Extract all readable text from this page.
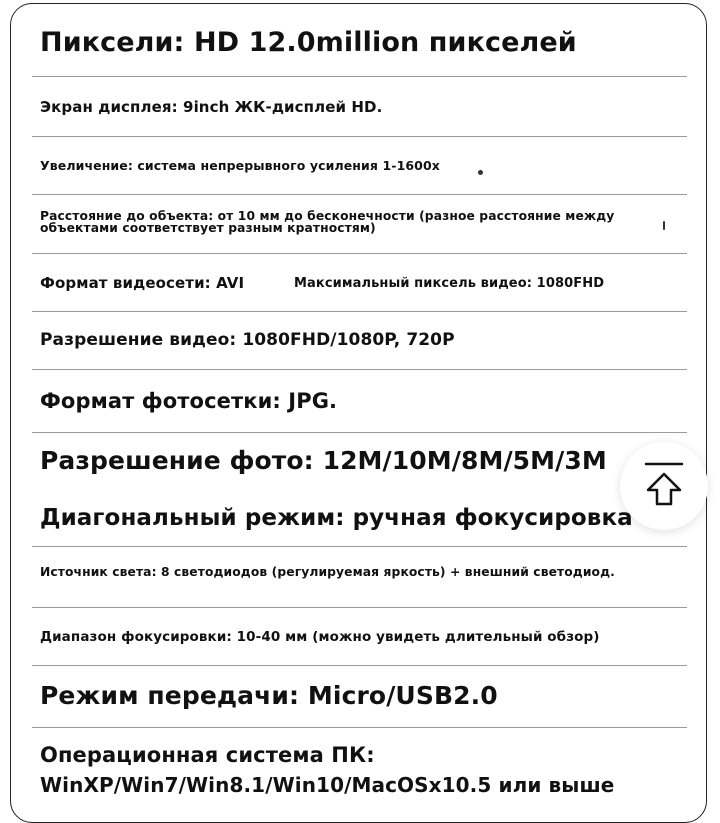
Пиксели: HD 12.0million пикселей
Экран дисплея: 9inch ЖК-дисплей HD.
Увеличение: система непрерывного усиления 1-1600x
Расстояние до объекта: от 10 мм до бесконечности (разное расстояние между объектами соответствует разным кратностям)
Формат видеосети: AVI	Максимальный пиксель видео: 1080FHD
Разрешение видео: 1080FHD/1080P, 720P
Формат фотосетки: JPG.
Разрешение фото: 12M/10M/8M/5M/3M
Диагональный режим: ручная фокусировка
Источник света: 8 светодиодов (регулируемая яркость) + внешний светодиод.
Диапазон фокусировки: 10-40 мм (можно увидеть длительный обзор)
Режим передачи: Micro/USB2.0
Операционная система ПК:
WinXP/Win7/Win8.1/Win10/MacOSx10.5 или выше
